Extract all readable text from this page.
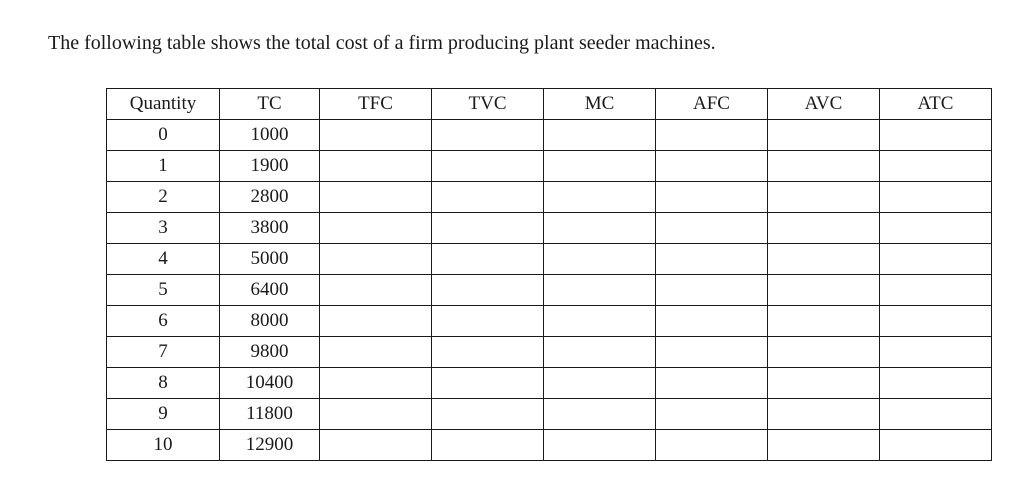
The following table shows the total cost of a firm producing plant seeder machines.

Quantity	TC	TFC	TVC	MC	AFC	AVC	ATC
0	1000						
1	1900						
2	2800						
3	3800						
4	5000						
5	6400						
6	8000						
7	9800						
8	10400						
9	11800						
10	12900						
